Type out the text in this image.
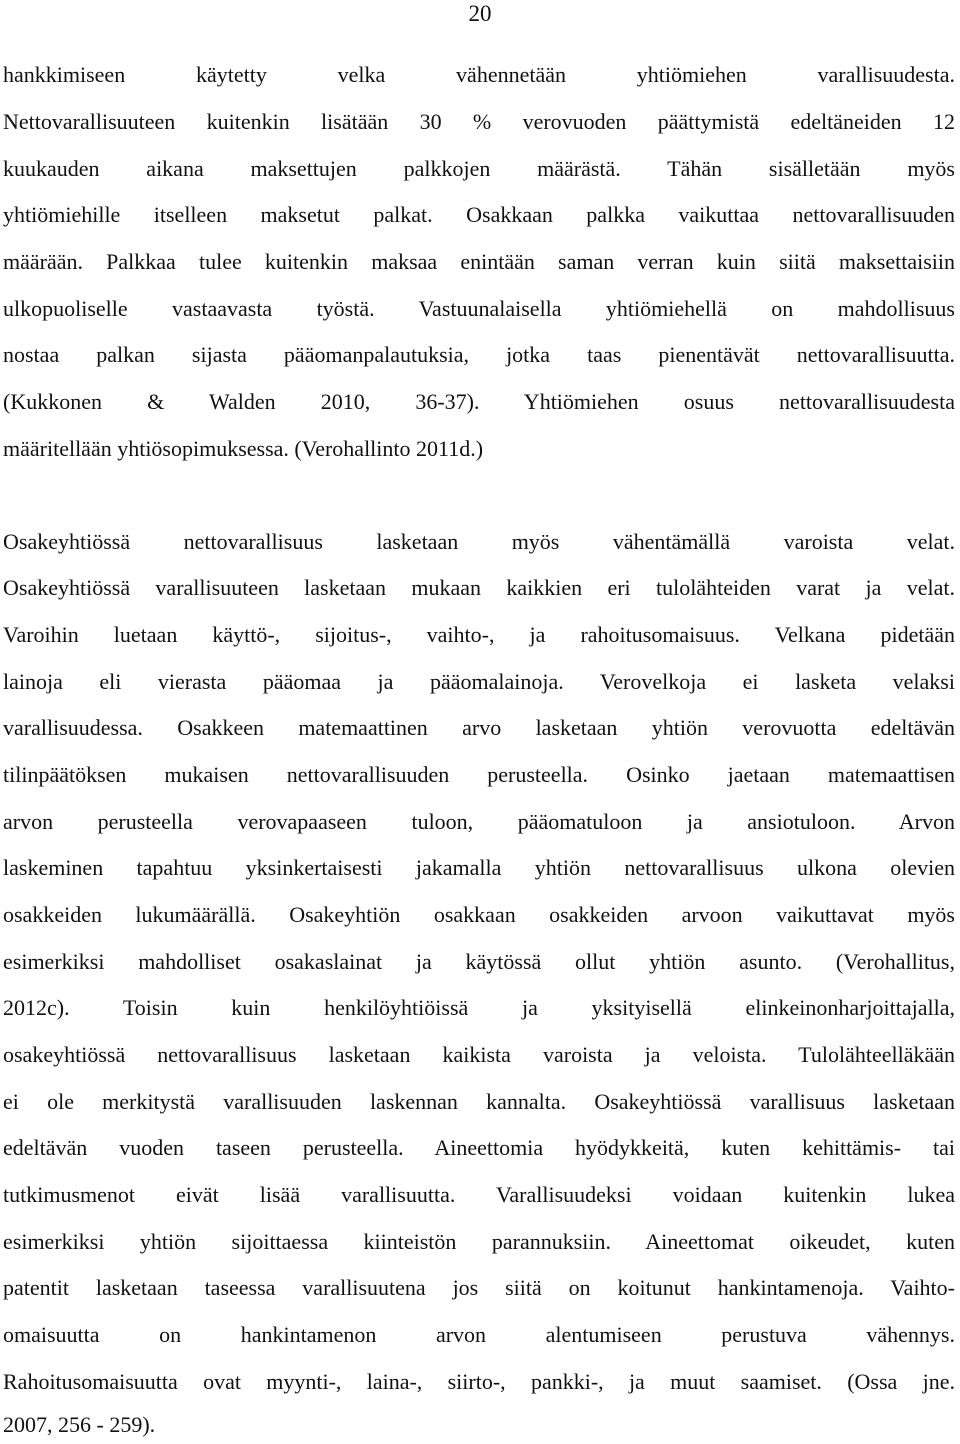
20
hankkimiseen käytetty velka vähennetään yhtiömiehen varallisuudesta.
Nettovarallisuuteen kuitenkin lisätään 30 % verovuoden päättymistä edeltäneiden 12
kuukauden aikana maksettujen palkkojen määrästä. Tähän sisälletään myös
yhtiömiehille itselleen maksetut palkat. Osakkaan palkka vaikuttaa nettovarallisuuden
määrään. Palkkaa tulee kuitenkin maksaa enintään saman verran kuin siitä maksettaisiin
ulkopuoliselle vastaavasta työstä. Vastuunalaisella yhtiömiehellä on mahdollisuus
nostaa palkan sijasta pääomanpalautuksia, jotka taas pienentävät nettovarallisuutta.
(Kukkonen & Walden 2010, 36-37). Yhtiömiehen osuus nettovarallisuudesta
määritellään yhtiösopimuksessa. (Verohallinto 2011d.)
Osakeyhtiössä nettovarallisuus lasketaan myös vähentämällä varoista velat.
Osakeyhtiössä varallisuuteen lasketaan mukaan kaikkien eri tulolähteiden varat ja velat.
Varoihin luetaan käyttö-, sijoitus-, vaihto-, ja rahoitusomaisuus. Velkana pidetään
lainoja eli vierasta pääomaa ja pääomalainoja. Verovelkoja ei lasketa velaksi
varallisuudessa. Osakkeen matemaattinen arvo lasketaan yhtiön verovuotta edeltävän
tilinpäätöksen mukaisen nettovarallisuuden perusteella. Osinko jaetaan matemaattisen
arvon perusteella verovapaaseen tuloon, pääomatuloon ja ansiotuloon. Arvon
laskeminen tapahtuu yksinkertaisesti jakamalla yhtiön nettovarallisuus ulkona olevien
osakkeiden lukumäärällä. Osakeyhtiön osakkaan osakkeiden arvoon vaikuttavat myös
esimerkiksi mahdolliset osakaslainat ja käytössä ollut yhtiön asunto. (Verohallitus,
2012c). Toisin kuin henkilöyhtiöissä ja yksityisellä elinkeinonharjoittajalla,
osakeyhtiössä nettovarallisuus lasketaan kaikista varoista ja veloista. Tulolähteelläkään
ei ole merkitystä varallisuuden laskennan kannalta. Osakeyhtiössä varallisuus lasketaan
edeltävän vuoden taseen perusteella. Aineettomia hyödykkeitä, kuten kehittämis- tai
tutkimusmenot eivät lisää varallisuutta. Varallisuudeksi voidaan kuitenkin lukea
esimerkiksi yhtiön sijoittaessa kiinteistön parannuksiin. Aineettomat oikeudet, kuten
patentit lasketaan taseessa varallisuutena jos siitä on koitunut hankintamenoja. Vaihto-
omaisuutta on hankintamenon arvon alentumiseen perustuva vähennys.
Rahoitusomaisuutta ovat myynti-, laina-, siirto-, pankki-, ja muut saamiset. (Ossa jne.
2007, 256 - 259).
